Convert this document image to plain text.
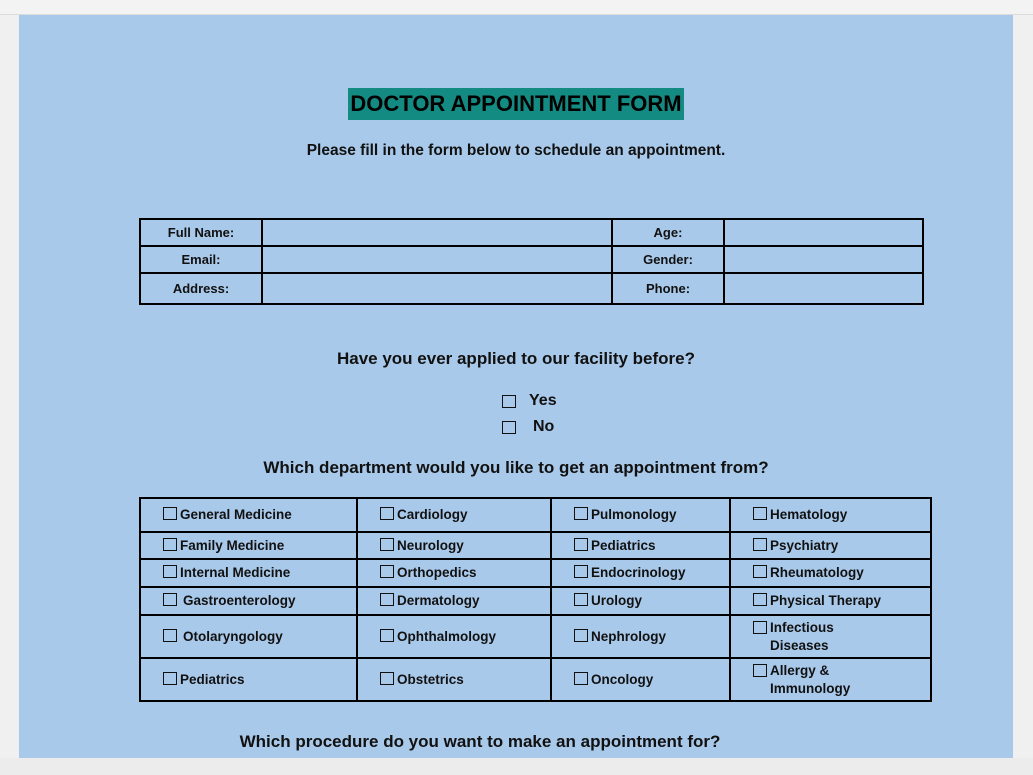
DOCTOR APPOINTMENT FORM
Please fill in the form below to schedule an appointment.
Full Name:		Age:	
Email:		Gender:	
Address:		Phone:	
Have you ever applied to our facility before?
Yes
No
Which department would you like to get an appointment from?
General Medicine	Cardiology	Pulmonology	Hematology

Family Medicine	Neurology	Pediatrics	Psychiatry

Internal Medicine	Orthopedics	Endocrinology	Rheumatology

Gastroenterology	Dermatology	Urology	Physical Therapy

Otolaryngology	Ophthalmology	Nephrology	Infectious Diseases

Pediatrics	Obstetrics	Oncology	Allergy & Immunology
Which procedure do you want to make an appointment for?
